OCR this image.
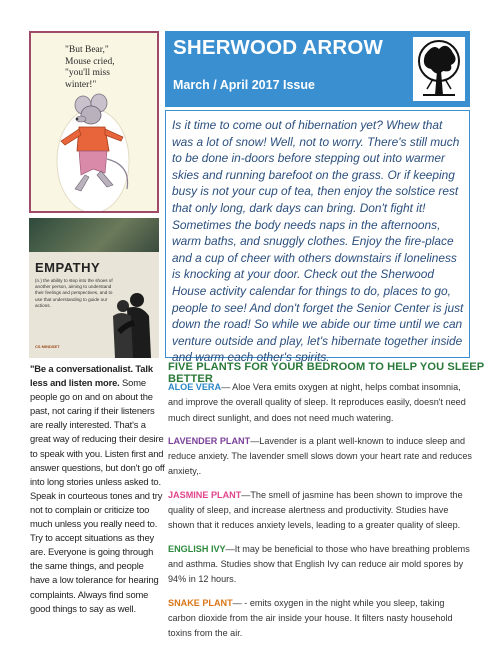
"But Bear,"
Mouse cried,
"you'll miss
winter!"
EMPATHY
(n.) the ability to step into the shoes of another person, aiming to understand their feelings and perspectives, and to use that understanding to guide our actions.
CS MINDSET
"Be a conversationalist. Talk less and listen more. Some people go on and on about the past, not caring if their listeners are really interested. That's a great way of reducing their desire to speak with you. Listen first and answer questions, but don't go off into long stories unless asked to. Speak in courteous tones and try not to complain or criticize too much unless you really need to. Try to accept situations as they are. Everyone is going through the same things, and people have a low tolerance for hearing complaints. Always find some good things to say as well.
SHERWOOD ARROW
March / April 2017 Issue
Is it time to come out of hibernation yet? Whew that was a lot of snow! Well, not to worry. There's still much to be done in-doors before stepping out into warmer skies and running barefoot on the grass. Or if keeping busy is not your cup of tea, then enjoy the solstice rest that only long, dark days can bring. Don't fight it! Sometimes the body needs naps in the afternoons, warm baths, and snuggly clothes. Enjoy the fire-place and a cup of cheer with others downstairs if loneliness is knocking at your door. Check out the Sherwood House activity calendar for things to do, places to go, people to see! And don't forget the Senior Center is just down the road! So while we abide our time until we can venture outside and play, let's hibernate together inside and warm each other's spirits.
FIVE PLANTS FOR YOUR BEDROOM TO HELP YOU SLEEP BETTER
ALOE VERA— Aloe Vera emits oxygen at night, helps combat insomnia, and improve the overall quality of sleep. It reproduces easily, doesn't need much direct sunlight, and does not need much watering.
LAVENDER PLANT—Lavender is a plant well-known to induce sleep and reduce anxiety. The lavender smell slows down your heart rate and reduces anxiety,.
JASMINE PLANT—The smell of jasmine has been shown to improve the quality of sleep, and increase alertness and productivity. Studies have shown that it reduces anxiety levels, leading to a greater quality of sleep.
ENGLISH IVY—It may be beneficial to those who have breathing problems and asthma. Studies show that English Ivy can reduce air mold spores by 94% in 12 hours.
SNAKE PLANT— - emits oxygen in the night while you sleep, taking carbon dioxide from the air inside your house. It filters nasty household toxins from the air.
